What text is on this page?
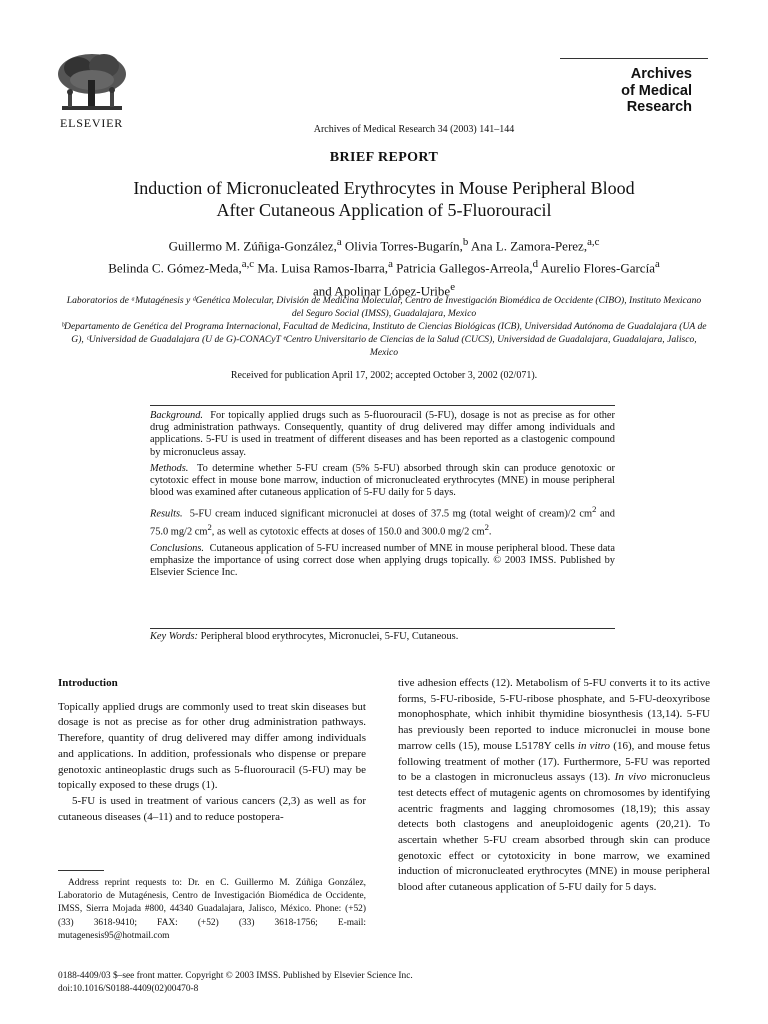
ELSEVIER
Archives
of Medical
Research
Archives of Medical Research 34 (2003) 141–144
BRIEF REPORT
Induction of Micronucleated Erythrocytes in Mouse Peripheral Blood
After Cutaneous Application of 5-Fluorouracil
Guillermo M. Zúñiga-González,$^a$ Olivia Torres-Bugarín,$^b$ Ana L. Zamora-Perez,$^{a,c}$
Belinda C. Gómez-Meda,$^{a,c}$ Ma. Luisa Ramos-Ibarra,$^a$ Patricia Gallegos-Arreola,$^d$ Aurelio Flores-García$^a$
and Apolinar López-Uribe$^e$
Laboratorios de ᵃMutagénesis y ᵈGenética Molecular, División de Medicina Molecular, Centro de Investigación Biomédica de Occidente (CIBO), Instituto Mexicano del Seguro Social (IMSS), Guadalajara, Mexico
ᵇDepartamento de Genética del Programa Internacional, Facultad de Medicina, Instituto de Ciencias Biológicas (ICB), Universidad Autónoma de Guadalajara (UA de G), ᶜUniversidad de Guadalajara (U de G)-CONACyT ᵉCentro Universitario de Ciencias de la Salud (CUCS), Universidad de Guadalajara, Guadalajara, Jalisco, Mexico
Received for publication April 17, 2002; accepted October 3, 2002 (02/071).

Background. For topically applied drugs such as 5-fluorouracil (5-FU), dosage is not as precise as for other drug administration pathways. Consequently, quantity of drug delivered may differ among individuals and applications. 5-FU is used in treatment of different diseases and has been reported as a clastogenic compound by micronucleus assay.

Methods. To determine whether 5-FU cream (5% 5-FU) absorbed through skin can produce genotoxic or cytotoxic effect in mouse bone marrow, induction of micronucleated erythrocytes (MNE) in mouse peripheral blood was examined after cutaneous application of 5-FU daily for 5 days.

Results. 5-FU cream induced significant micronuclei at doses of 37.5 mg (total weight of cream)/2 $cm^2$ and 75.0 mg/2 $cm^2$, as well as cytotoxic effects at doses of 150.0 and 300.0 mg/2 $cm^2$.

Conclusions. Cutaneous application of 5-FU increased number of MNE in mouse peripheral blood. These data emphasize the importance of using correct dose when applying drugs topically. © 2003 IMSS. Published by Elsevier Science Inc.

Key Words: Peripheral blood erythrocytes, Micronuclei, 5-FU, Cutaneous.

Introduction

Topically applied drugs are commonly used to treat skin diseases but dosage is not as precise as for other drug administration pathways. Therefore, quantity of drug delivered may differ among individuals and applications. In addition, professionals who dispense or prepare genotoxic antineoplastic drugs such as 5-fluorouracil (5-FU) may be topically exposed to these drugs (1).

5-FU is used in treatment of various cancers (2,3) as well as for cutaneous diseases (4–11) and to reduce postopera-

Address reprint requests to: Dr. en C. Guillermo M. Zúñiga González, Laboratorio de Mutagénesis, Centro de Investigación Biomédica de Occidente, IMSS, Sierra Mojada #800, 44340 Guadalajara, Jalisco, México. Phone: (+52) (33) 3618-9410; FAX: (+52) (33) 3618-1756; E-mail: mutagenesis95@hotmail.com

tive adhesion effects (12). Metabolism of 5-FU converts it to its active forms, 5-FU-riboside, 5-FU-ribose phosphate, and 5-FU-deoxyribose monophosphate, which inhibit thymidine biosynthesis (13,14). 5-FU has previously been reported to induce micronuclei in mouse bone marrow cells (15), mouse L5178Y cells in vitro (16), and mouse fetus following treatment of mother (17). Furthermore, 5-FU was reported to be a clastogen in micronucleus assays (13). In vivo micronucleus test detects effect of mutagenic agents on chromosomes by identifying acentric fragments and lagging chromosomes (18,19); this assay detects both clastogens and aneuploidogenic agents (20,21). To ascertain whether 5-FU cream absorbed through skin can produce genotoxic effect or cytotoxicity in bone marrow, we examined induction of micronucleated erythrocytes (MNE) in mouse peripheral blood after cutaneous application of 5-FU daily for 5 days.

0188-4409/03 $–see front matter. Copyright © 2003 IMSS. Published by Elsevier Science Inc.
doi:10.1016/S0188-4409(02)00470-8
